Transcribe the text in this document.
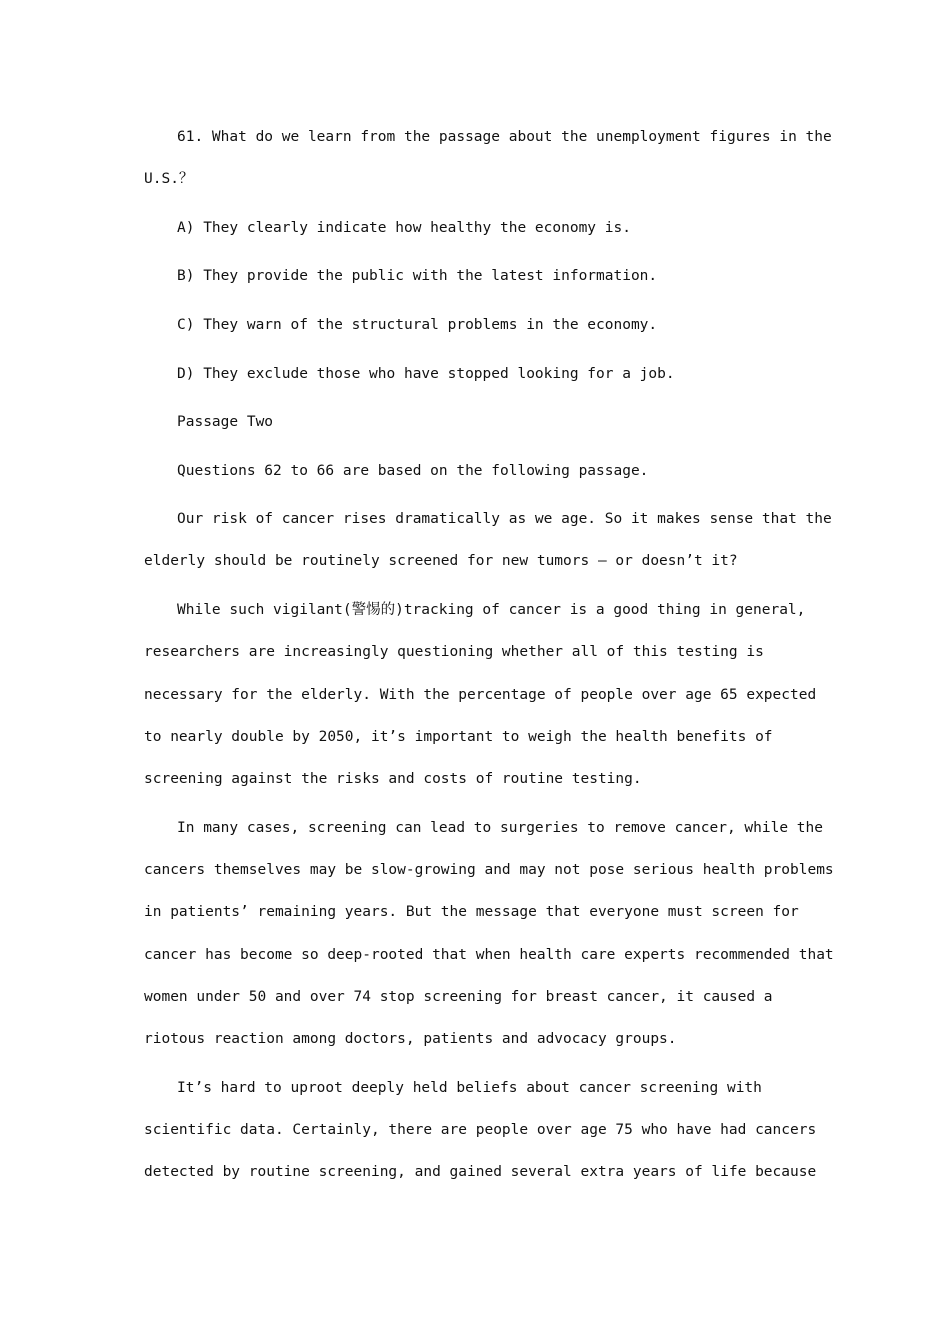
61. What do we learn from the passage about the unemployment figures in the
U.S.？
A) They clearly indicate how healthy the economy is.
B) They provide the public with the latest information.
C) They warn of the structural problems in the economy.
D) They exclude those who have stopped looking for a job.
Passage Two
Questions 62 to 66 are based on the following passage.
Our risk of cancer rises dramatically as we age. So it makes sense that the
elderly should be routinely screened for new tumors — or doesn’t it?
While such vigilant(警惕的)tracking of cancer is a good thing in general,
researchers are increasingly questioning whether all of this testing is
necessary for the elderly. With the percentage of people over age 65 expected
to nearly double by 2050, it’s important to weigh the health benefits of
screening against the risks and costs of routine testing.
In many cases, screening can lead to surgeries to remove cancer, while the
cancers themselves may be slow-growing and may not pose serious health problems
in patients’ remaining years. But the message that everyone must screen for
cancer has become so deep-rooted that when health care experts recommended that
women under 50 and over 74 stop screening for breast cancer, it caused a
riotous reaction among doctors, patients and advocacy groups.
It’s hard to uproot deeply held beliefs about cancer screening with
scientific data. Certainly, there are people over age 75 who have had cancers
detected by routine screening, and gained several extra years of life because
